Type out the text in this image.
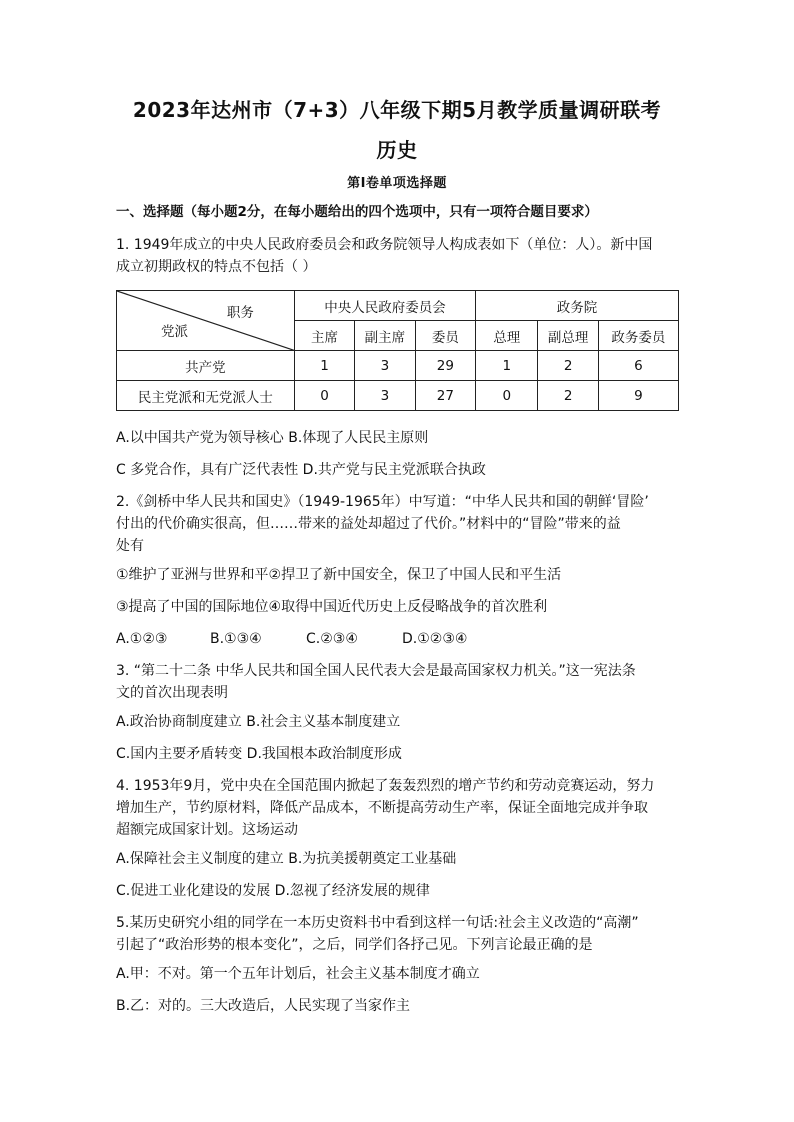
2023年达州市（7+3）八年级下期5月教学质量调研联考
历史
第Ⅰ卷单项选择题
一、选择题（每小题2分，在每小题给出的四个选项中，只有一项符合题目要求）
1. 1949年成立的中央人民政府委员会和政务院领导人构成表如下（单位：人）。新中国
成立初期政权的特点不包括（ ）
职务
党派	中央人民政府委员会			政务院		
	主席	副主席	委员	总理	副总理	政务委员
共产党	1	3	29	1	2	6
民主党派和无党派人士	0	3	27	0	2	9
A.以中国共产党为领导核心 B.体现了人民民主原则
C 多党合作，具有广泛代表性 D.共产党与民主党派联合执政
2.《剑桥中华人民共和国史》（1949-1965年）中写道：“中华人民共和国的朝鲜‘冒险’
付出的代价确实很高，但……带来的益处却超过了代价。”材料中的“冒险”带来的益
处有
①维护了亚洲与世界和平②捍卫了新中国安全，保卫了中国人民和平生活
③提高了中国的国际地位④取得中国近代历史上反侵略战争的首次胜利
A.①②③	B.①③④	C.②③④	D.①②③④
3. “第二十二条 中华人民共和国全国人民代表大会是最高国家权力机关。”这一宪法条
文的首次出现表明
A.政治协商制度建立 B.社会主义基本制度建立
C.国内主要矛盾转变 D.我国根本政治制度形成
4. 1953年9月，党中央在全国范围内掀起了轰轰烈烈的增产节约和劳动竞赛运动，努力
增加生产，节约原材料，降低产品成本，不断提高劳动生产率，保证全面地完成并争取
超额完成国家计划。这场运动
A.保障社会主义制度的建立 B.为抗美援朝奠定工业基础
C.促进工业化建设的发展 D.忽视了经济发展的规律
5.某历史研究小组的同学在一本历史资料书中看到这样一句话:社会主义改造的“高潮”
引起了“政治形势的根本变化”，之后，同学们各抒己见。下列言论最正确的是
A.甲：不对。第一个五年计划后，社会主义基本制度才确立
B.乙：对的。三大改造后，人民实现了当家作主
